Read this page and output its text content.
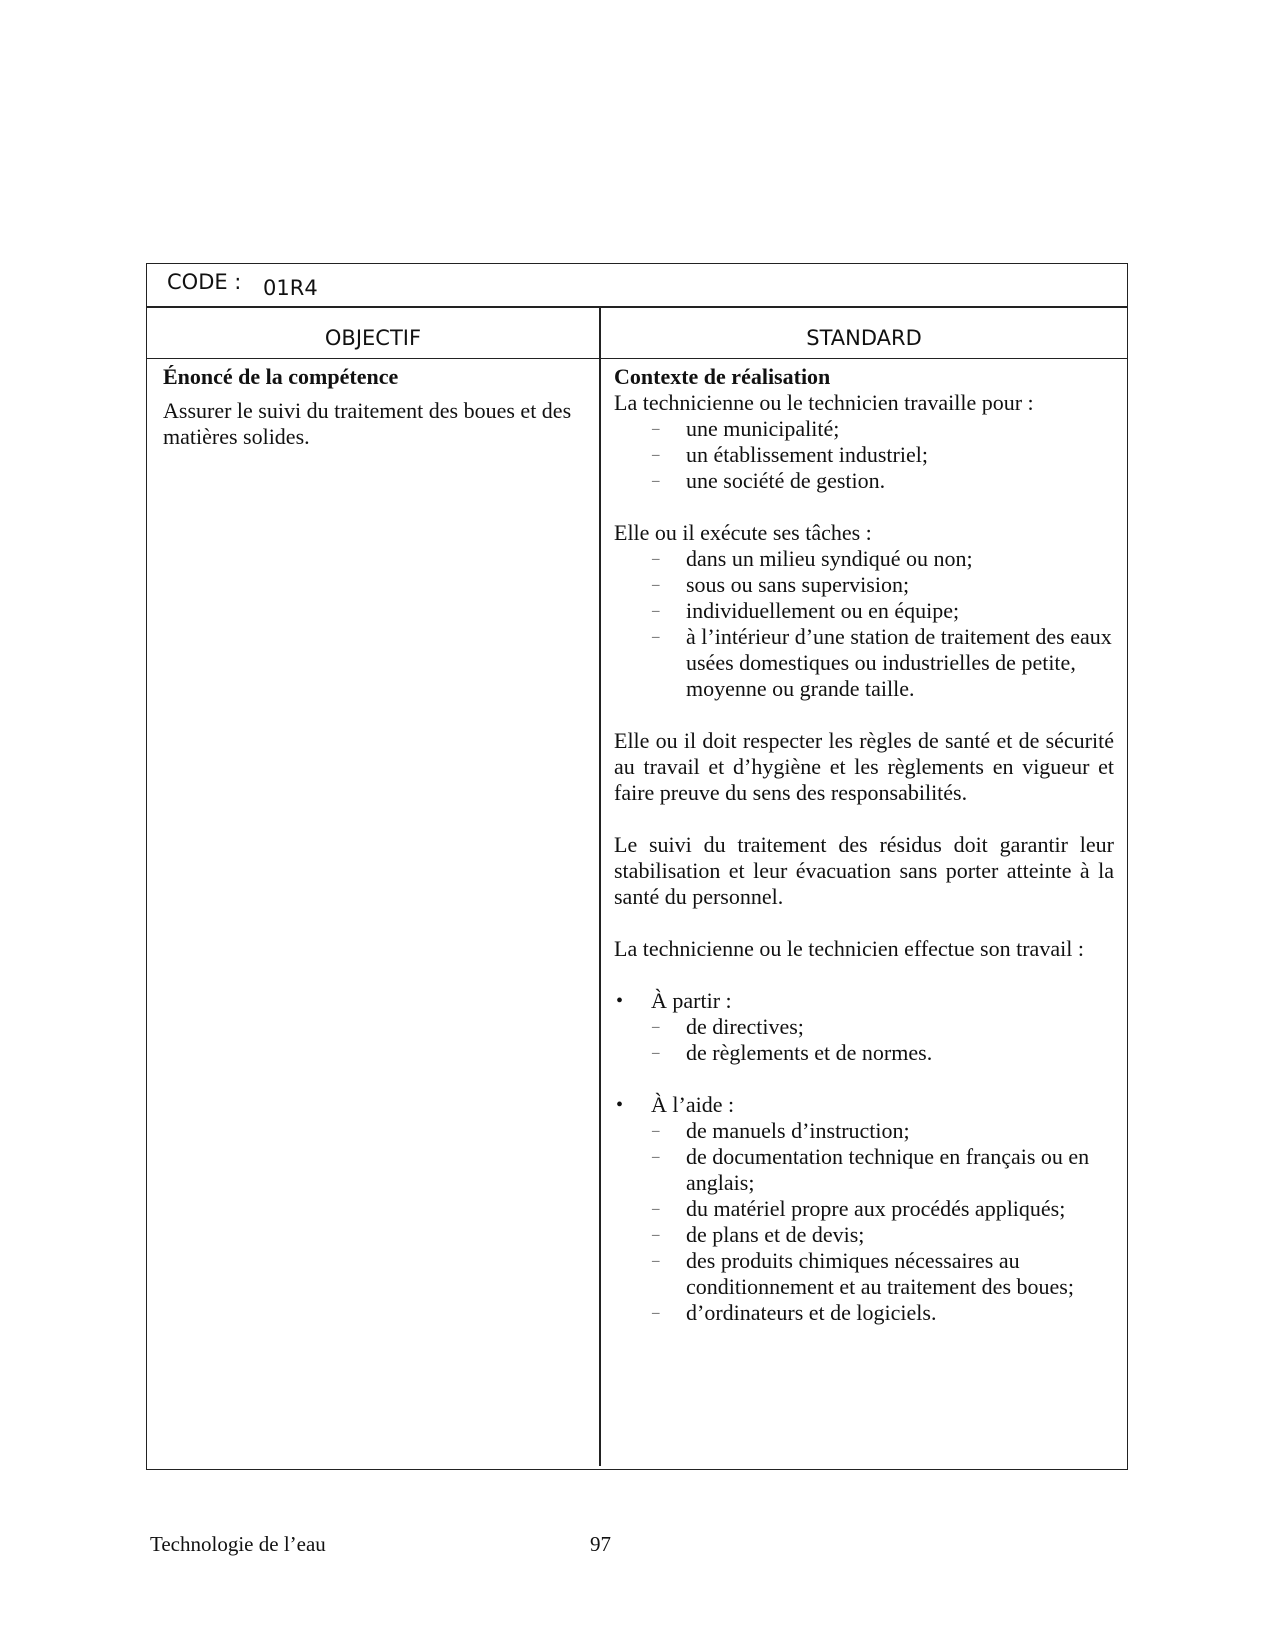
CODE : 01R4
OBJECTIF	STANDARD
Énoncé de la compétence
Assurer le suivi du traitement des boues et des matières solides.
Contexte de réalisation

La technicienne ou le technicien travaille pour :

– une municipalité;
– un établissement industriel;
– une société de gestion.

Elle ou il exécute ses tâches :

– dans un milieu syndiqué ou non;
– sous ou sans supervision;
– individuellement ou en équipe;
– à l’intérieur d’une station de traitement des eaux usées domestiques ou industrielles de petite, moyenne ou grande taille.

Elle ou il doit respecter les règles de santé et de sécurité au travail et d’hygiène et les règlements en vigueur et faire preuve du sens des responsabilités.

Le suivi du traitement des résidus doit garantir leur stabilisation et leur évacuation sans porter atteinte à la santé du personnel.

La technicienne ou le technicien effectue son travail :

• À partir :
– de directives;
– de règlements et de normes.
• À l’aide :
– de manuels d’instruction;
– de documentation technique en français ou en anglais;
– du matériel propre aux procédés appliqués;
– de plans et de devis;
– des produits chimiques nécessaires au conditionnement et au traitement des boues;
– d’ordinateurs et de logiciels.
Technologie de l’eau	97
